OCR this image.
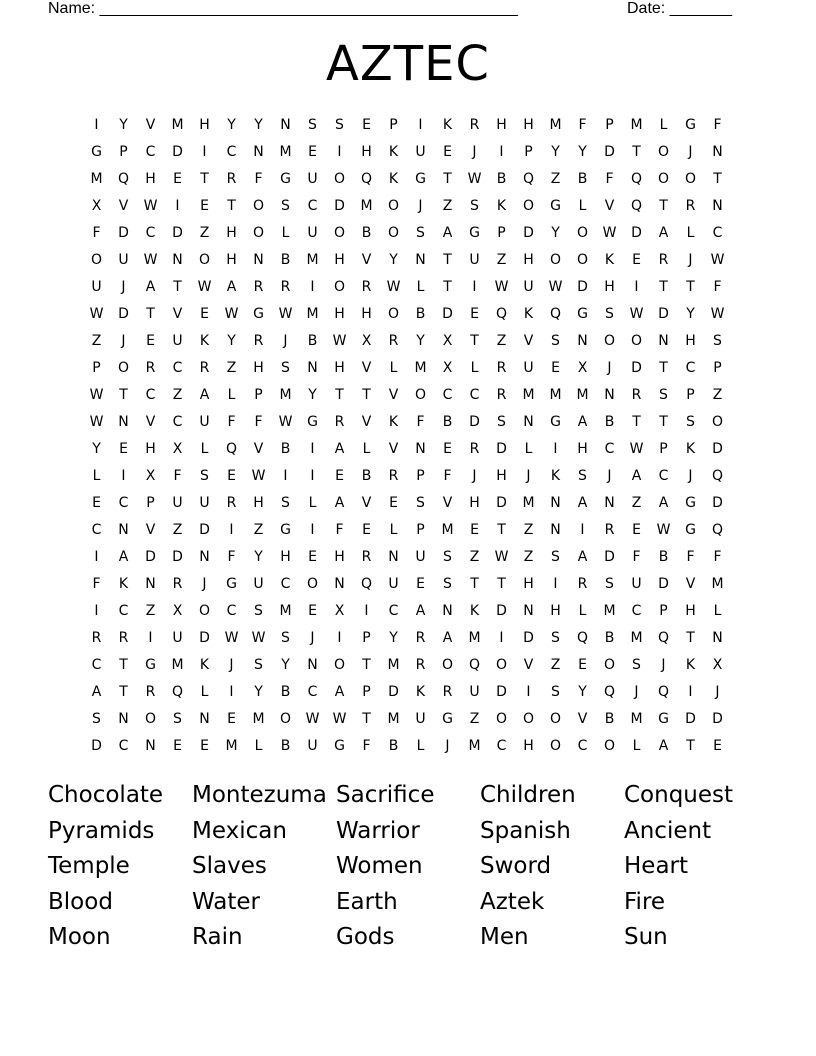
Name: _______________________________________________	Date: _______
AZTEC
I	Y	V	M	H	Y	Y	N	S	S	E	P	I	K	R	H	H	M	F	P	M	L	G	F
G	P	C	D	I	C	N	M	E	I	H	K	U	E	J	I	P	Y	Y	D	T	O	J	N
M	Q	H	E	T	R	F	G	U	O	Q	K	G	T	W	B	Q	Z	B	F	Q	O	O	T
X	V	W	I	E	T	O	S	C	D	M	O	J	Z	S	K	O	G	L	V	Q	T	R	N
F	D	C	D	Z	H	O	L	U	O	B	O	S	A	G	P	D	Y	O	W	D	A	L	C
O	U	W	N	O	H	N	B	M	H	V	Y	N	T	U	Z	H	O	O	K	E	R	J	W
U	J	A	T	W	A	R	R	I	O	R	W	L	T	I	W	U	W	D	H	I	T	T	F
W	D	T	V	E	W	G	W	M	H	H	O	B	D	E	Q	K	Q	G	S	W	D	Y	W
Z	J	E	U	K	Y	R	J	B	W	X	R	Y	X	T	Z	V	S	N	O	O	N	H	S
P	O	R	C	R	Z	H	S	N	H	V	L	M	X	L	R	U	E	X	J	D	T	C	P
W	T	C	Z	A	L	P	M	Y	T	T	V	O	C	C	R	M	M	M	N	R	S	P	Z
W	N	V	C	U	F	F	W	G	R	V	K	F	B	D	S	N	G	A	B	T	T	S	O
Y	E	H	X	L	Q	V	B	I	A	L	V	N	E	R	D	L	I	H	C	W	P	K	D
L	I	X	F	S	E	W	I	I	E	B	R	P	F	J	H	J	K	S	J	A	C	J	Q
E	C	P	U	U	R	H	S	L	A	V	E	S	V	H	D	M	N	A	N	Z	A	G	D
C	N	V	Z	D	I	Z	G	I	F	E	L	P	M	E	T	Z	N	I	R	E	W	G	Q
I	A	D	D	N	F	Y	H	E	H	R	N	U	S	Z	W	Z	S	A	D	F	B	F	F
F	K	N	R	J	G	U	C	O	N	Q	U	E	S	T	T	H	I	R	S	U	D	V	M
I	C	Z	X	O	C	S	M	E	X	I	C	A	N	K	D	N	H	L	M	C	P	H	L
R	R	I	U	D	W W	S	J	I	P	Y	R	A	M	I	D	S	Q	B	M	Q	T	N
C	T	G	M	K	J	S	Y	N	O	T	M	R	O	Q	O	V	Z	E	O	S	J	K	X
A	T	R	Q	L	I	Y	B	C	A	P	D	K	R	U	D	I	S	Y	Q	J	Q	I	J
S	N	O	S	N	E	M	O	W W	T	M	U	G	Z	O	O	O	V	B	M	G	D	D
D	C	N	E	E	M	L	B	U	G	F	B	L	J	M	C	H	O	C	O	L	A	T	E
Chocolate	Montezuma Sacrifice	Children	Conquest
Pyramids	Mexican	Warrior	Spanish	Ancient
Temple	Slaves	Women	Sword	Heart
Blood	Water	Earth	Aztek	Fire
Moon	Rain	Gods	Men	Sun
